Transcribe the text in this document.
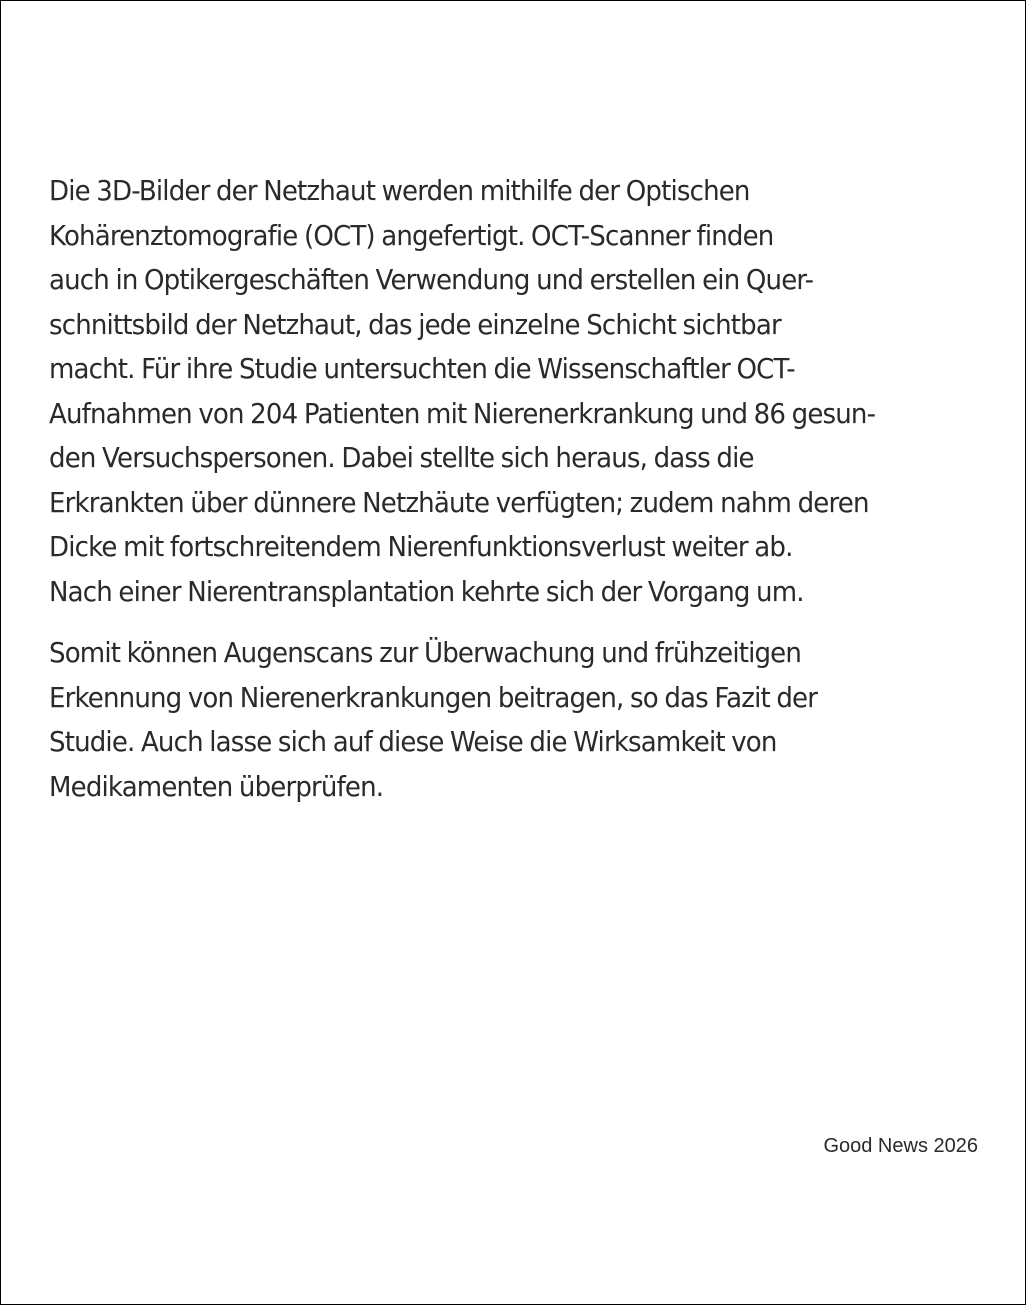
Die 3D-Bilder der Netzhaut werden mithilfe der Optischen
Kohärenztomografie (OCT) angefertigt. OCT-Scanner finden
auch in Optikergeschäften Verwendung und erstellen ein Quer-
schnittsbild der Netzhaut, das jede einzelne Schicht sichtbar
macht. Für ihre Studie untersuchten die Wissenschaftler OCT-
Aufnahmen von 204 Patienten mit Nierenerkrankung und 86 gesun-
den Versuchspersonen. Dabei stellte sich heraus, dass die
Erkrankten über dünnere Netzhäute verfügten; zudem nahm deren
Dicke mit fortschreitendem Nierenfunktionsverlust weiter ab.
Nach einer Nierentransplantation kehrte sich der Vorgang um.

Somit können Augenscans zur Überwachung und frühzeitigen
Erkennung von Nierenerkrankungen beitragen, so das Fazit der
Studie. Auch lasse sich auf diese Weise die Wirksamkeit von
Medikamenten überprüfen.

Good News 2026
